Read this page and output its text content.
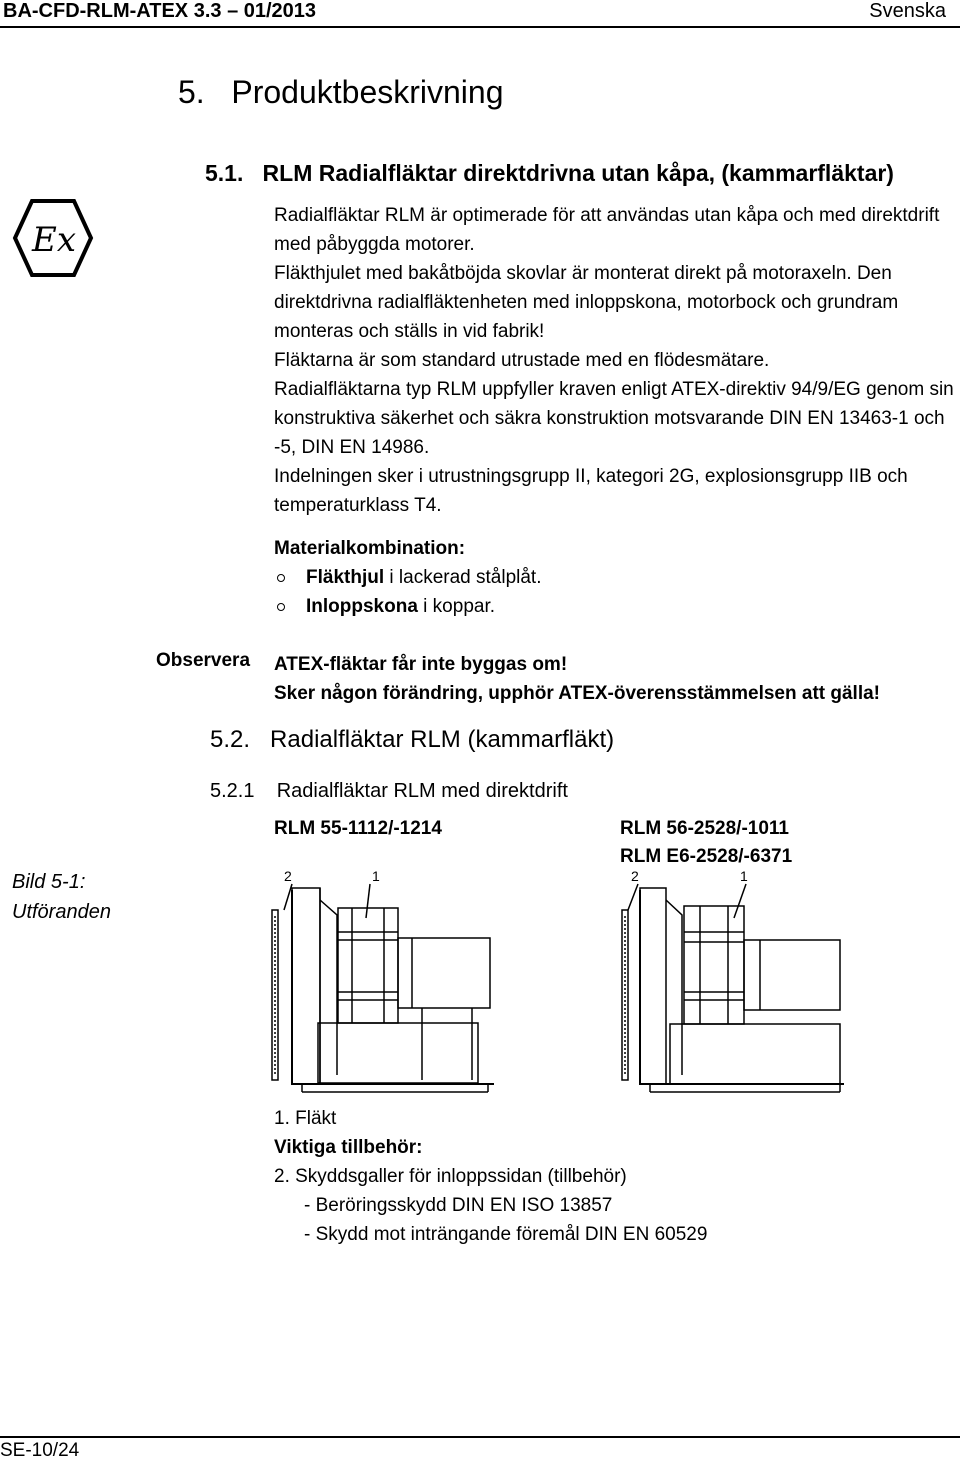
BA-CFD-RLM-ATEX 3.3 – 01/2013	Svenska
5. Produktbeskrivning
5.1. RLM Radialfläktar direktdrivna utan kåpa, (kammarfläktar)
Ex

Radialfläktar RLM är optimerade för att användas utan kåpa och med direktdrift med påbyggda motorer.

Fläkthjulet med bakåtböjda skovlar är monterat direkt på motoraxeln. Den direktdrivna radialfläktenheten med inloppskona, motorbock och grundram monteras och ställs in vid fabrik!

Fläktarna är som standard utrustade med en flödesmätare.

Radialfläktarna typ RLM uppfyller kraven enligt ATEX-direktiv 94/9/EG genom sin konstruktiva säkerhet och säkra konstruktion motsvarande DIN EN 13463-1 och -5, DIN EN 14986.

Indelningen sker i utrustningsgrupp II, kategori 2G, explosionsgrupp IIB och temperaturklass T4.

Materialkombination:

Fläkthjul i lackerad stålplåt.
Inloppskona i koppar.
Observera ATEX-fläktar får inte byggas om!
Sker någon förändring, upphör ATEX-överensstämmelsen att gälla!
5.2. Radialfläktar RLM (kammarfläkt)
5.2.1 Radialfläktar RLM med direktdrift
Bild 5-1:
Utföranden
RLM 55-1112/-1214	RLM 56-2528/-1011
RLM E6-2528/-6371
2	1	2	1

1. Fläkt

Viktiga tillbehör:

2. Skyddsgaller för inloppssidan (tillbehör)

- Beröringsskydd DIN EN ISO 13857

- Skydd mot inträngande föremål DIN EN 60529

SE-10/24
